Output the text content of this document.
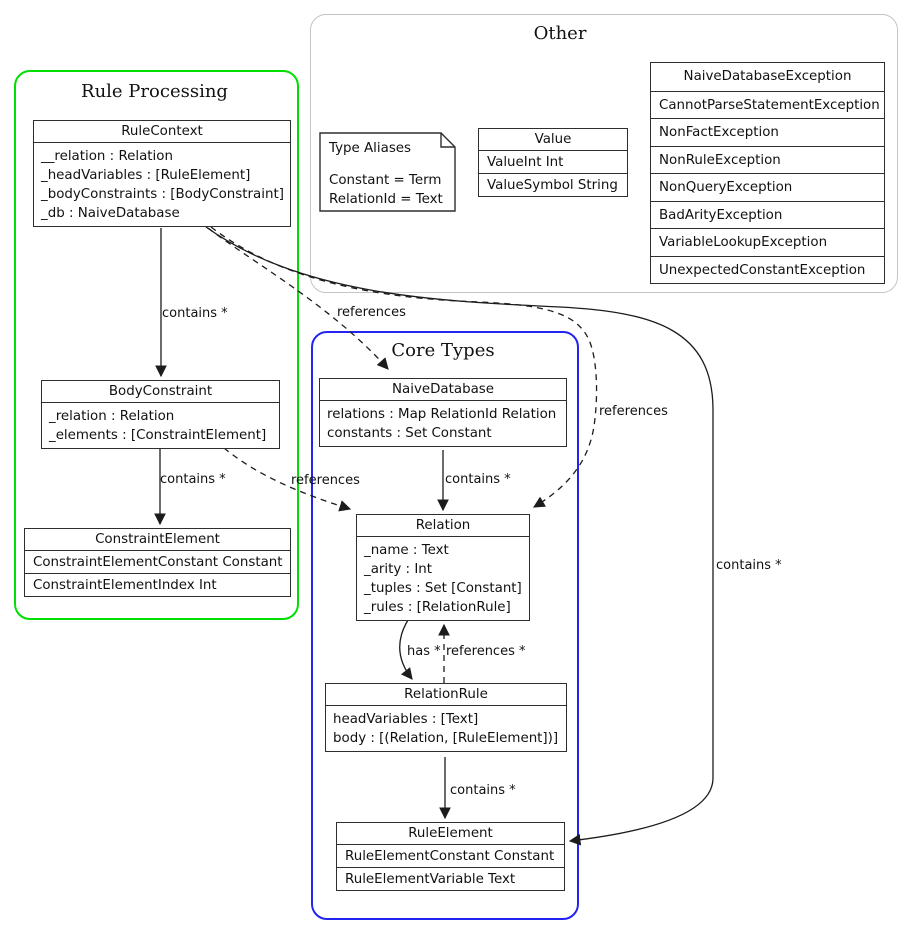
Rule Processing
Other
Core Types
contains *	references
contains *	references	contains *
references
has * references *
contains *
contains *
RuleContext
__relation : Relation
_headVariables : [RuleElement]
_bodyConstraints : [BodyConstraint]
_db : NaiveDatabase
BodyConstraint
_relation : Relation
_elements : [ConstraintElement]
ConstraintElement
ConstraintElementConstant Constant
ConstraintElementIndex Int
Type Aliases
Constant = Term
RelationId = Text
Value
ValueInt Int
ValueSymbol String
NaiveDatabaseException
CannotParseStatementException
NonFactException
NonRuleException
NonQueryException
BadArityException
VariableLookupException
UnexpectedConstantException
NaiveDatabase
relations : Map RelationId Relation
constants : Set Constant
Relation
_name : Text
_arity : Int
_tuples : Set [Constant]
_rules : [RelationRule]
RelationRule
headVariables : [Text]
body : [(Relation, [RuleElement])]
RuleElement
RuleElementConstant Constant
RuleElementVariable Text
